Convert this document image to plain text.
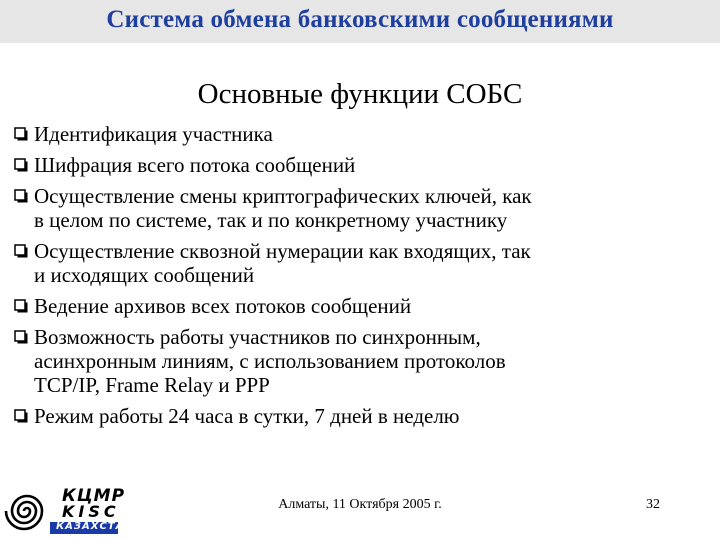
Система обмена банковскими сообщениями
Основные функции СОБС
Идентификация участника
Шифрация всего потока сообщений
Осуществление смены криптографических ключей, как
в целом по системе, так и по конкретному участнику
Осуществление сквозной нумерации как входящих, так
и исходящих сообщений
Ведение архивов всех потоков сообщений
Возможность работы участников по синхронным,
асинхронным линиям, с использованием протоколов
TCP/IP, Frame Relay и PPP
Режим работы 24 часа в сутки, 7 дней в неделю
КЦМР
KISC
КАЗАХСТАН
Алматы, 11 Октября 2005 г.	32
